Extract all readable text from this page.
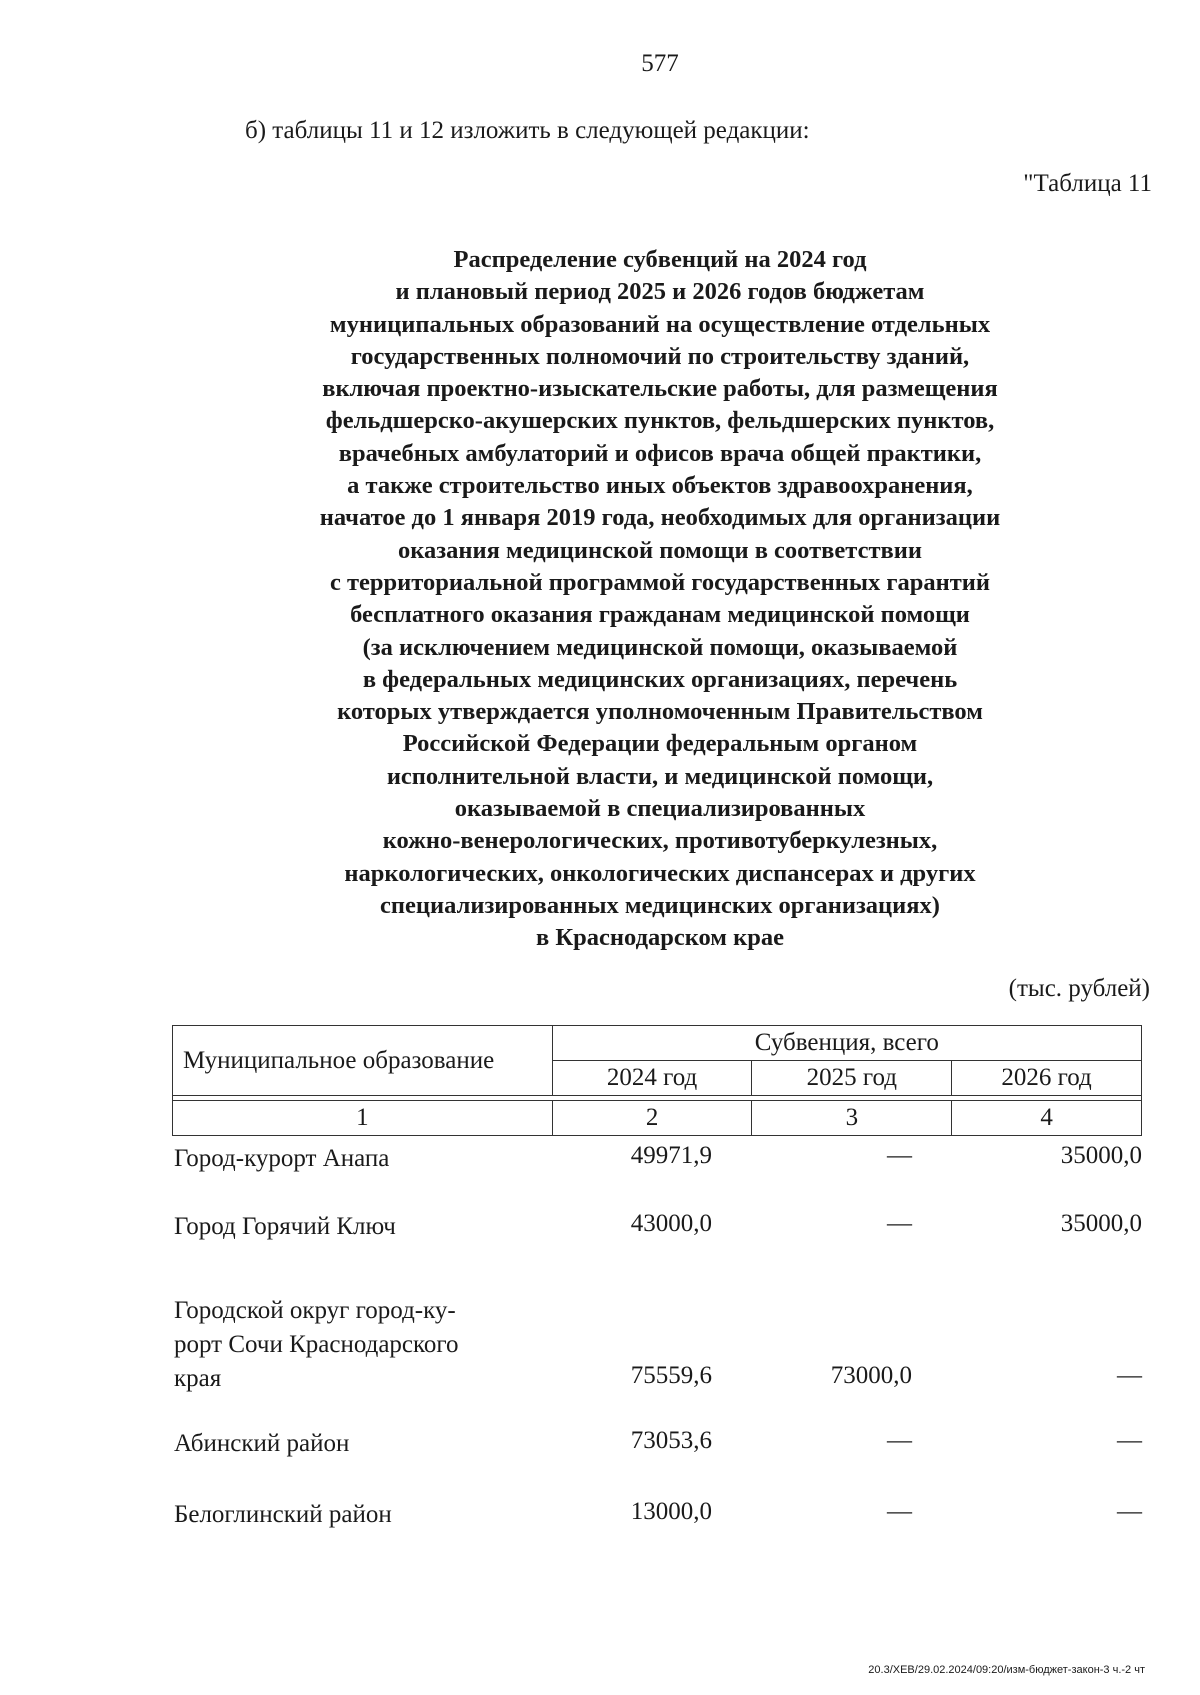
577
б) таблицы 11 и 12 изложить в следующей редакции:
"Таблица 11
Распределение субвенций на 2024 год
и плановый период 2025 и 2026 годов бюджетам
муниципальных образований на осуществление отдельных
государственных полномочий по строительству зданий,
включая проектно-изыскательские работы, для размещения
фельдшерско-акушерских пунктов, фельдшерских пунктов,
врачебных амбулаторий и офисов врача общей практики,
а также строительство иных объектов здравоохранения,
начатое до 1 января 2019 года, необходимых для организации
оказания медицинской помощи в соответствии
с территориальной программой государственных гарантий
бесплатного оказания гражданам медицинской помощи
(за исключением медицинской помощи, оказываемой
в федеральных медицинских организациях, перечень
которых утверждается уполномоченным Правительством
Российской Федерации федеральным органом
исполнительной власти, и медицинской помощи,
оказываемой в специализированных
кожно-венерологических, противотуберкулезных,
наркологических, онкологических диспансерах и других
специализированных медицинских организациях)
в Краснодарском крае
(тыс. рублей)
Муниципальное образование	Субвенция, всего		
	2024 год	2025 год	2026 год

1	2	3	4
Город-курорт Анапа	49971,9	—	35000,0
Город Горячий Ключ	43000,0	—	35000,0
Городской округ город-ку-
рорт Сочи Краснодарского
края	75559,6	73000,0	—
Абинский район	73053,6	—	—
Белоглинский район	13000,0	—	—
20.3/ХЕВ/29.02.2024/09:20/изм-бюджет-закон-3 ч.-2 чт
